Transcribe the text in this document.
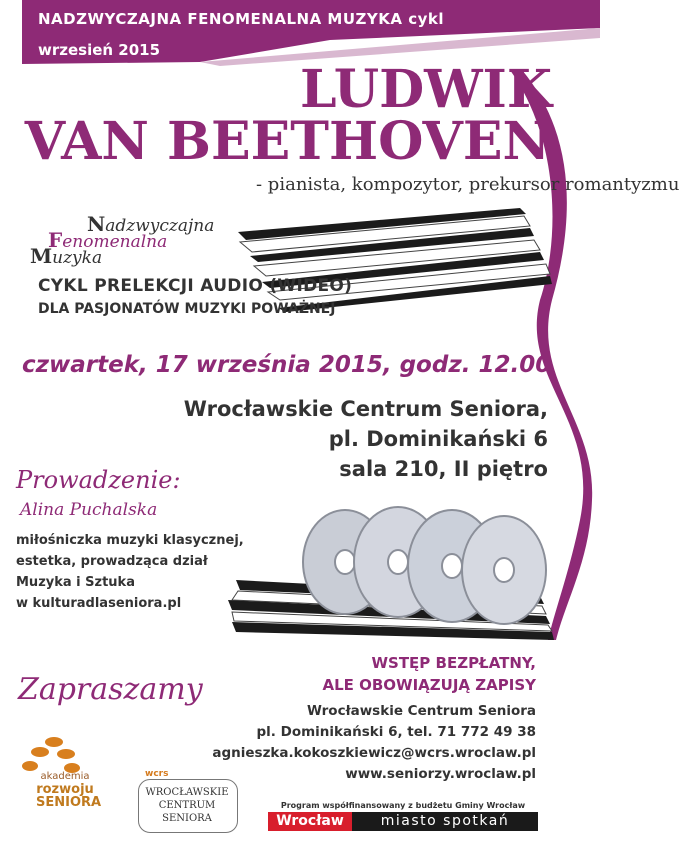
NADZWYCZAJNA FENOMENALNA MUZYKA cykl
wrzesień 2015
LUDWIK
VAN BEETHOVEN
- pianista, kompozytor, prekursor romantyzmu
Nadzwyczajna
Fenomenalna
Muzyka
CYKL PRELEKCJI AUDIO (WIDEO)
DLA PASJONATÓW MUZYKI POWAŻNEJ
czwartek, 17 września 2015, godz. 12.00
Wrocławskie Centrum Seniora,
pl. Dominikański 6
sala 210, II piętro
Prowadzenie:
Alina Puchalska
miłośniczka muzyki klasycznej,
estetka, prowadząca dział
Muzyka i Sztuka
w kulturadlaseniora.pl
Zapraszamy
WSTĘP BEZPŁATNY,
ALE OBOWIĄZUJĄ ZAPISY
Wrocławskie Centrum Seniora
pl. Dominikański 6, tel. 71 772 49 38
agnieszka.kokoszkiewicz@wcrs.wroclaw.pl
www.seniorzy.wroclaw.pl
akademia
rozwoju
SENIORA
wcrs
WROCŁAWSKIE
CENTRUM
SENIORA
Program współfinansowany z budżetu Gminy Wrocław
Wrocław	miasto spotkań
